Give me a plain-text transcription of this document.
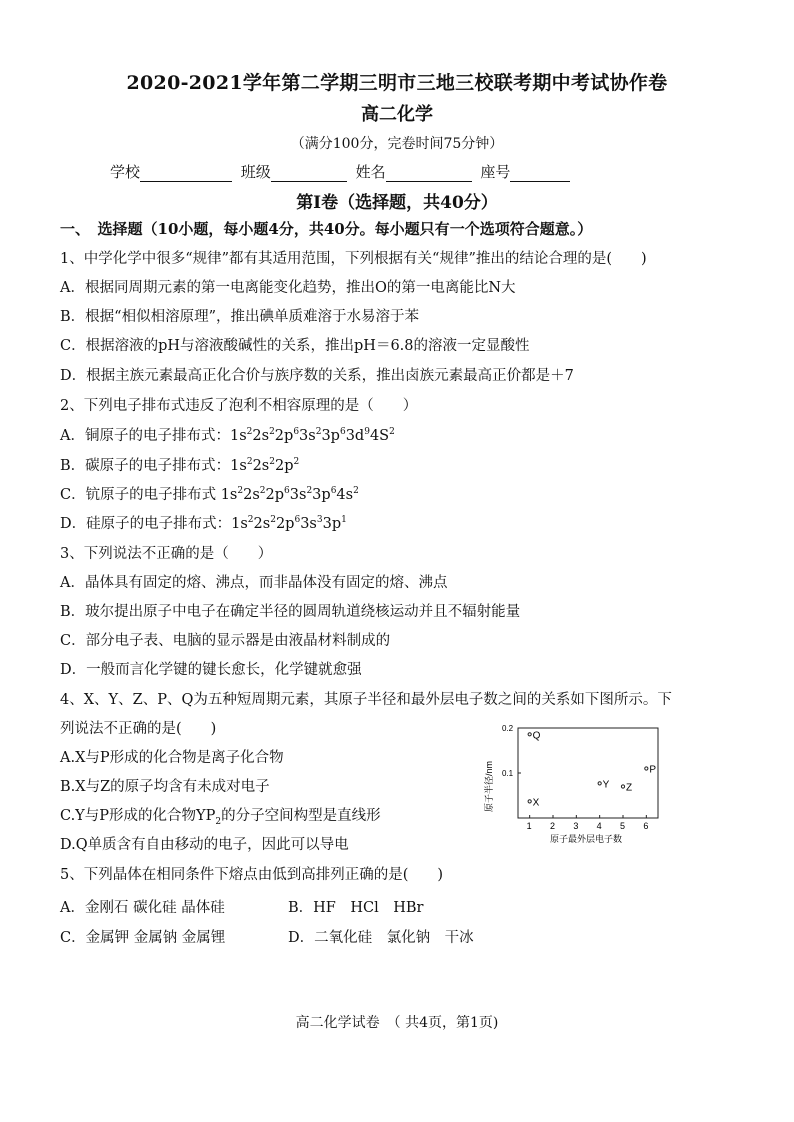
2020-2021学年第二学期三明市三地三校联考期中考试协作卷
高二化学
（满分100分，完卷时间75分钟）
学校	班级	姓名	座号
第Ⅰ卷（选择题，共40分）
一、　选择题（10小题，每小题4分，共40分。每小题只有一个选项符合题意。）
1、中学化学中很多“规律”都有其适用范围，下列根据有关“规律”推出的结论合理的是(　　)
A．根据同周期元素的第一电离能变化趋势，推出O的第一电离能比N大
B．根据“相似相溶原理”，推出碘单质难溶于水易溶于苯
C．根据溶液的pH与溶液酸碱性的关系，推出pH＝6.8的溶液一定显酸性
D．根据主族元素最高正化合价与族序数的关系，推出卤族元素最高正价都是＋7
2、下列电子排布式违反了泡利不相容原理的是（　　）
A．铜原子的电子排布式：$1s^22s^22p^63s^23p^63d^94S^2$
B．碳原子的电子排布式：$1s^22s^22p^2$
C．钪原子的电子排布式 $1s^22s^22p^63s^23p^64s^2$
D．硅原子的电子排布式：$1s^22s^22p^63s^33p^1$
3、下列说法不正确的是（　　）
A．晶体具有固定的熔、沸点，而非晶体没有固定的熔、沸点
B．玻尔提出原子中电子在确定半径的圆周轨道绕核运动并且不辐射能量
C．部分电子表、电脑的显示器是由液晶材料制成的
D．一般而言化学键的键长愈长，化学键就愈强
4、X、Y、Z、P、Q为五种短周期元素，其原子半径和最外层电子数之间的关系如下图所示。下
列说法不正确的是(　　)
A.X与P形成的化合物是离子化合物
B.X与Z的原子均含有未成对电子
C.Y与P形成的化合物$YP_2$的分子空间构型是直线形
D.Q单质含有自由移动的电子，因此可以导电
原子半径/nm
原子最外层电子数
1 2 3 4 5 6
0.1
0.2
Q
X
Y Z
P
5、下列晶体在相同条件下熔点由低到高排列正确的是(　　)
A．金刚石 碳化硅 晶体硅	B．HF　HCl　HBr
C．金属钾 金属钠 金属锂	D．二氧化硅　氯化钠　干冰
高二化学试卷　（ 共4页，第1页)
